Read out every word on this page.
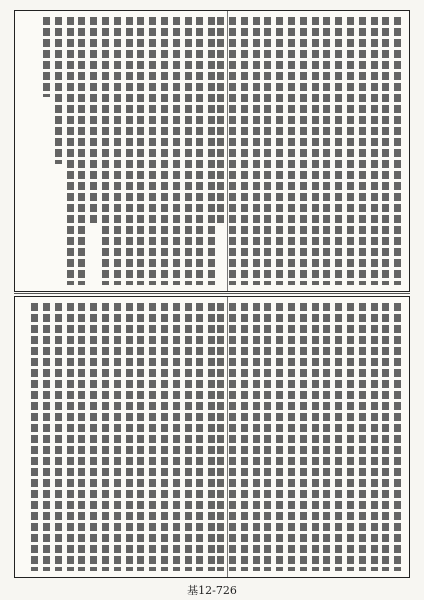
基12-726
